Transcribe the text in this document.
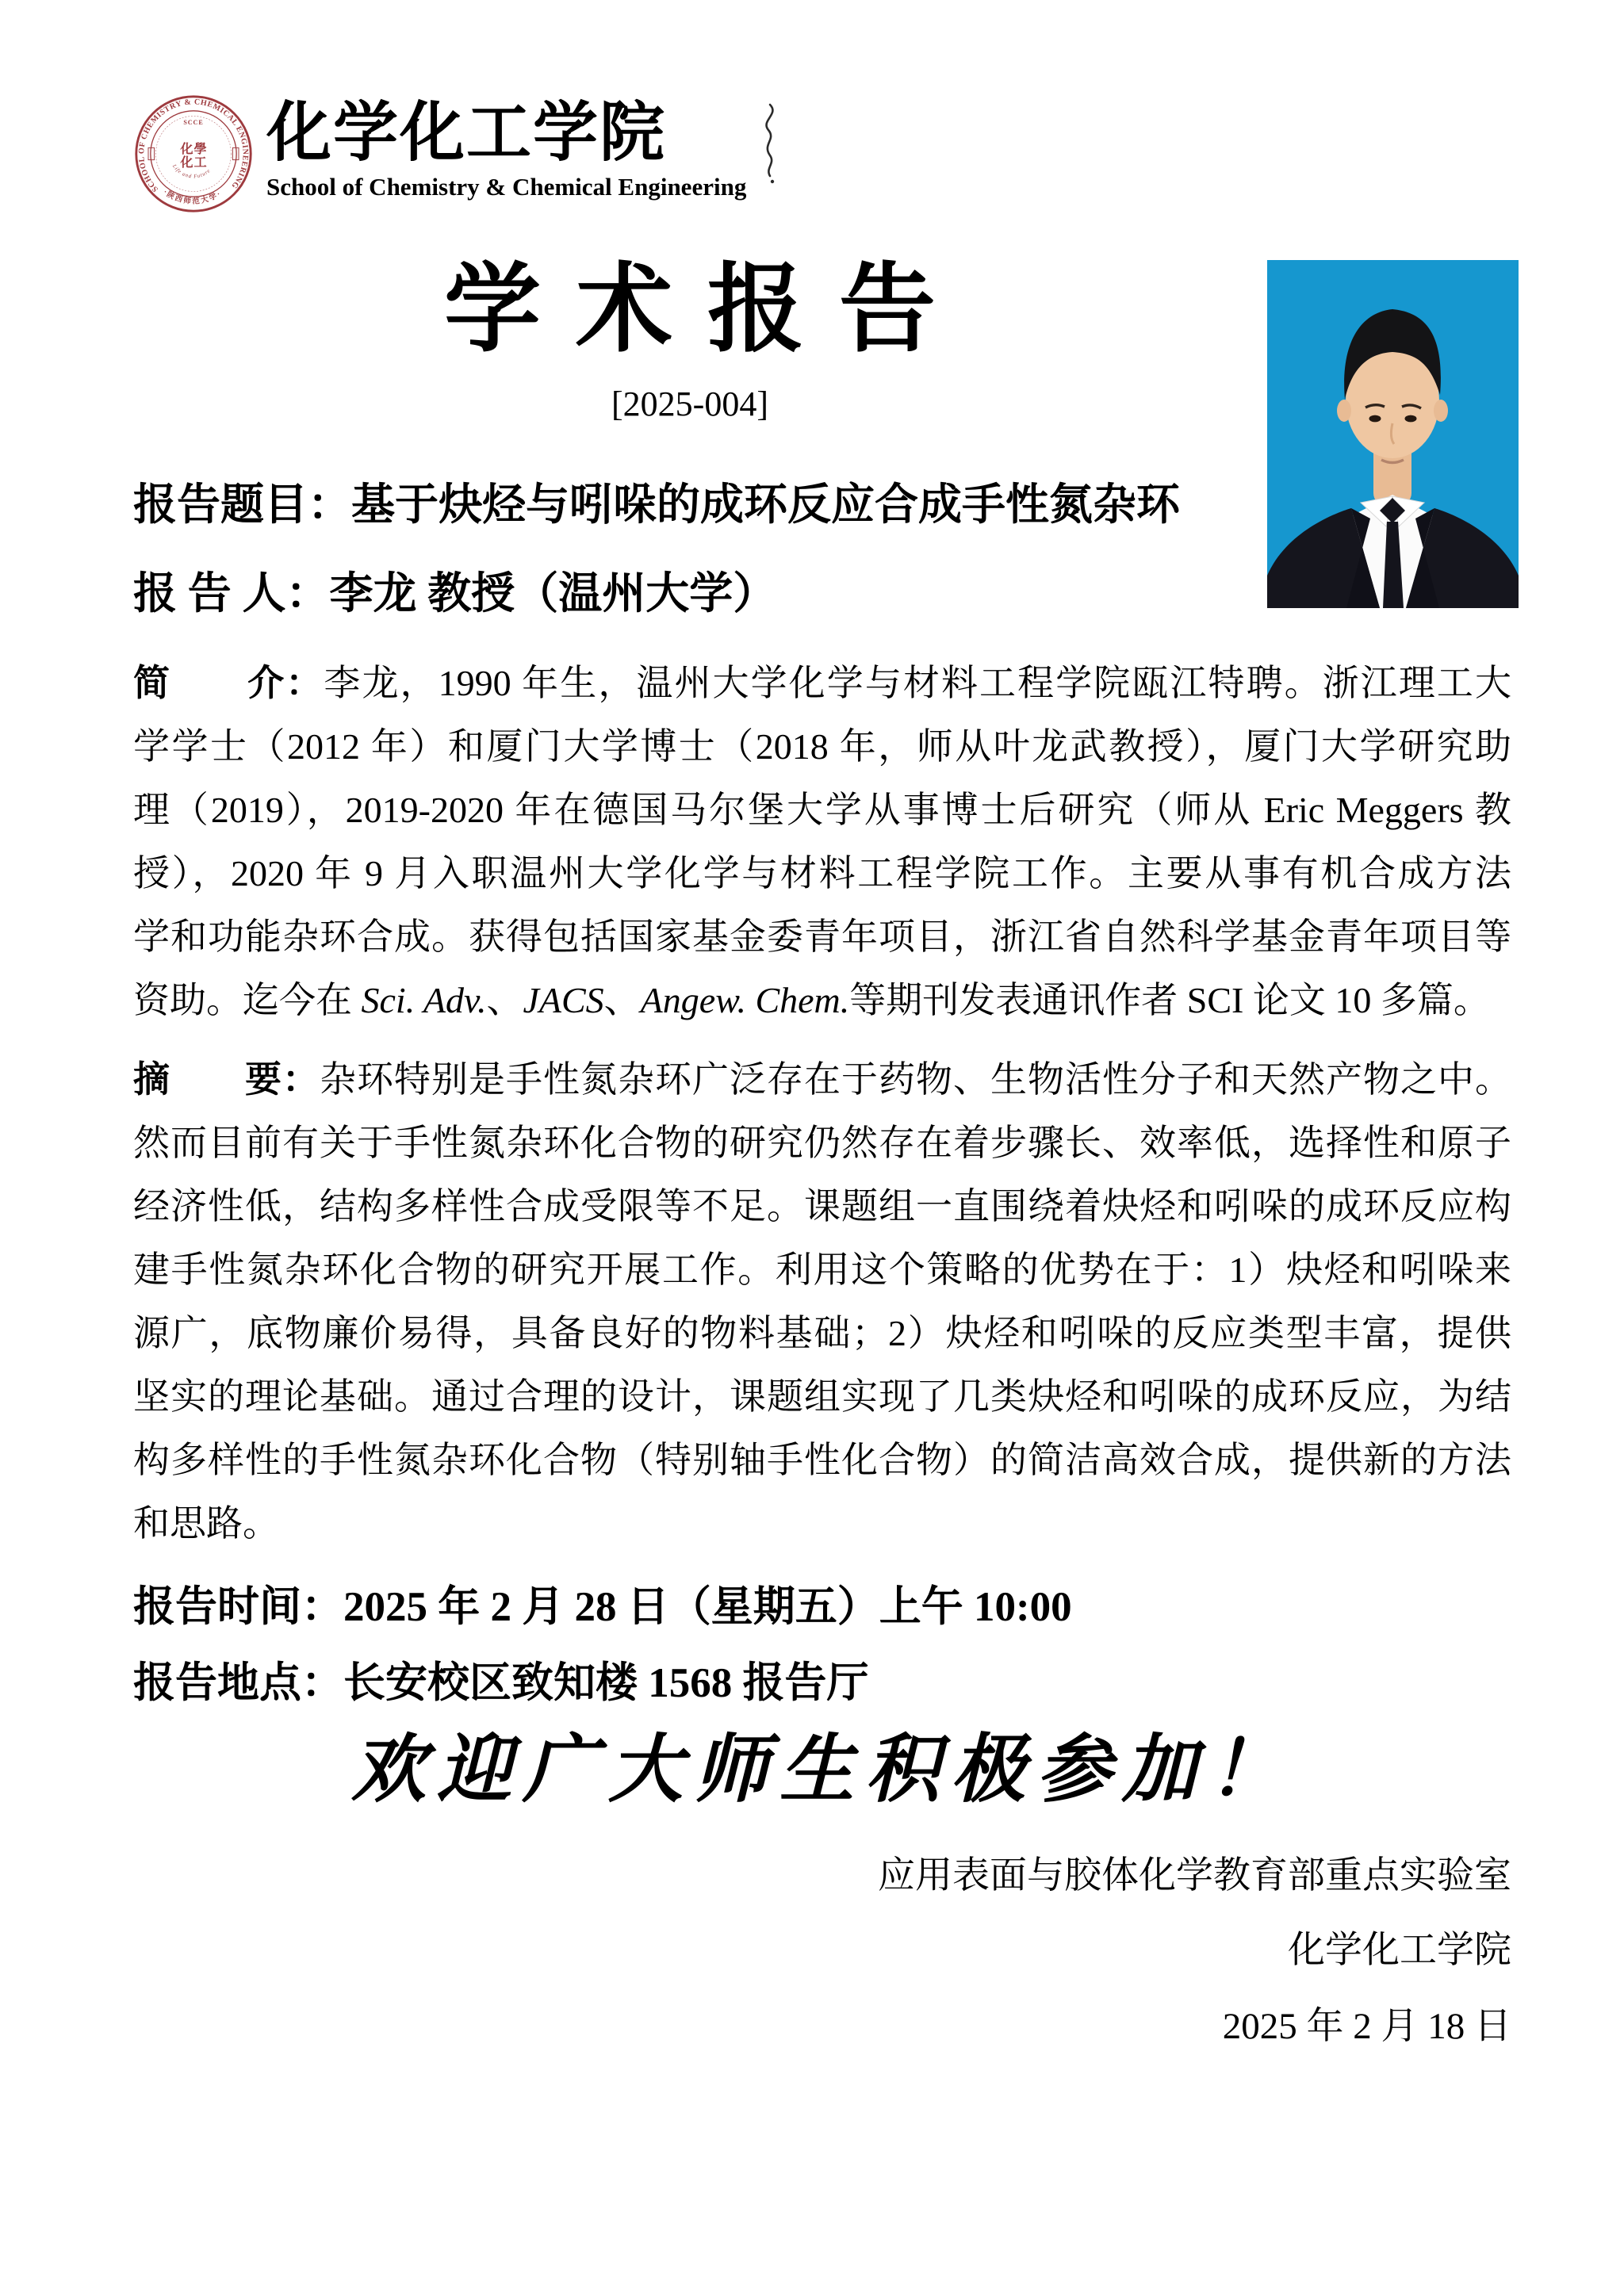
SCHOOL OF CHEMISTRY & CHEMICAL ENGINEERING
·陕西师范大学·
SCCE
化 學
化 工
Life and Future
化学化工学院
School of Chemistry & Chemical Engineering
学术报告
[2025-004]
报告题目：基于炔烃与吲哚的成环反应合成手性氮杂环
报 告 人：李龙 教授（温州大学）
简　　介：李龙，1990 年生，温州大学化学与材料工程学院瓯江特聘。浙江理工大
学学士（2012 年）和厦门大学博士（2018 年，师从叶龙武教授），厦门大学研究助
理（2019），2019-2020 年在德国马尔堡大学从事博士后研究（师从 Eric Meggers 教
授），2020 年 9 月入职温州大学化学与材料工程学院工作。主要从事有机合成方法
学和功能杂环合成。获得包括国家基金委青年项目，浙江省自然科学基金青年项目等
资助。迄今在 Sci. Adv.、JACS、Angew. Chem.等期刊发表通讯作者 SCI 论文 10 多篇。
摘　　要：杂环特别是手性氮杂环广泛存在于药物、生物活性分子和天然产物之中。
然而目前有关于手性氮杂环化合物的研究仍然存在着步骤长、效率低，选择性和原子
经济性低，结构多样性合成受限等不足。课题组一直围绕着炔烃和吲哚的成环反应构
建手性氮杂环化合物的研究开展工作。利用这个策略的优势在于：1）炔烃和吲哚来
源广，底物廉价易得，具备良好的物料基础；2）炔烃和吲哚的反应类型丰富，提供
坚实的理论基础。通过合理的设计，课题组实现了几类炔烃和吲哚的成环反应，为结
构多样性的手性氮杂环化合物（特别轴手性化合物）的简洁高效合成，提供新的方法
和思路。
报告时间：2025 年 2 月 28 日（星期五）上午 10:00
报告地点：长安校区致知楼 1568 报告厅
欢迎广大师生积极参加！
应用表面与胶体化学教育部重点实验室
化学化工学院
2025 年 2 月 18 日
